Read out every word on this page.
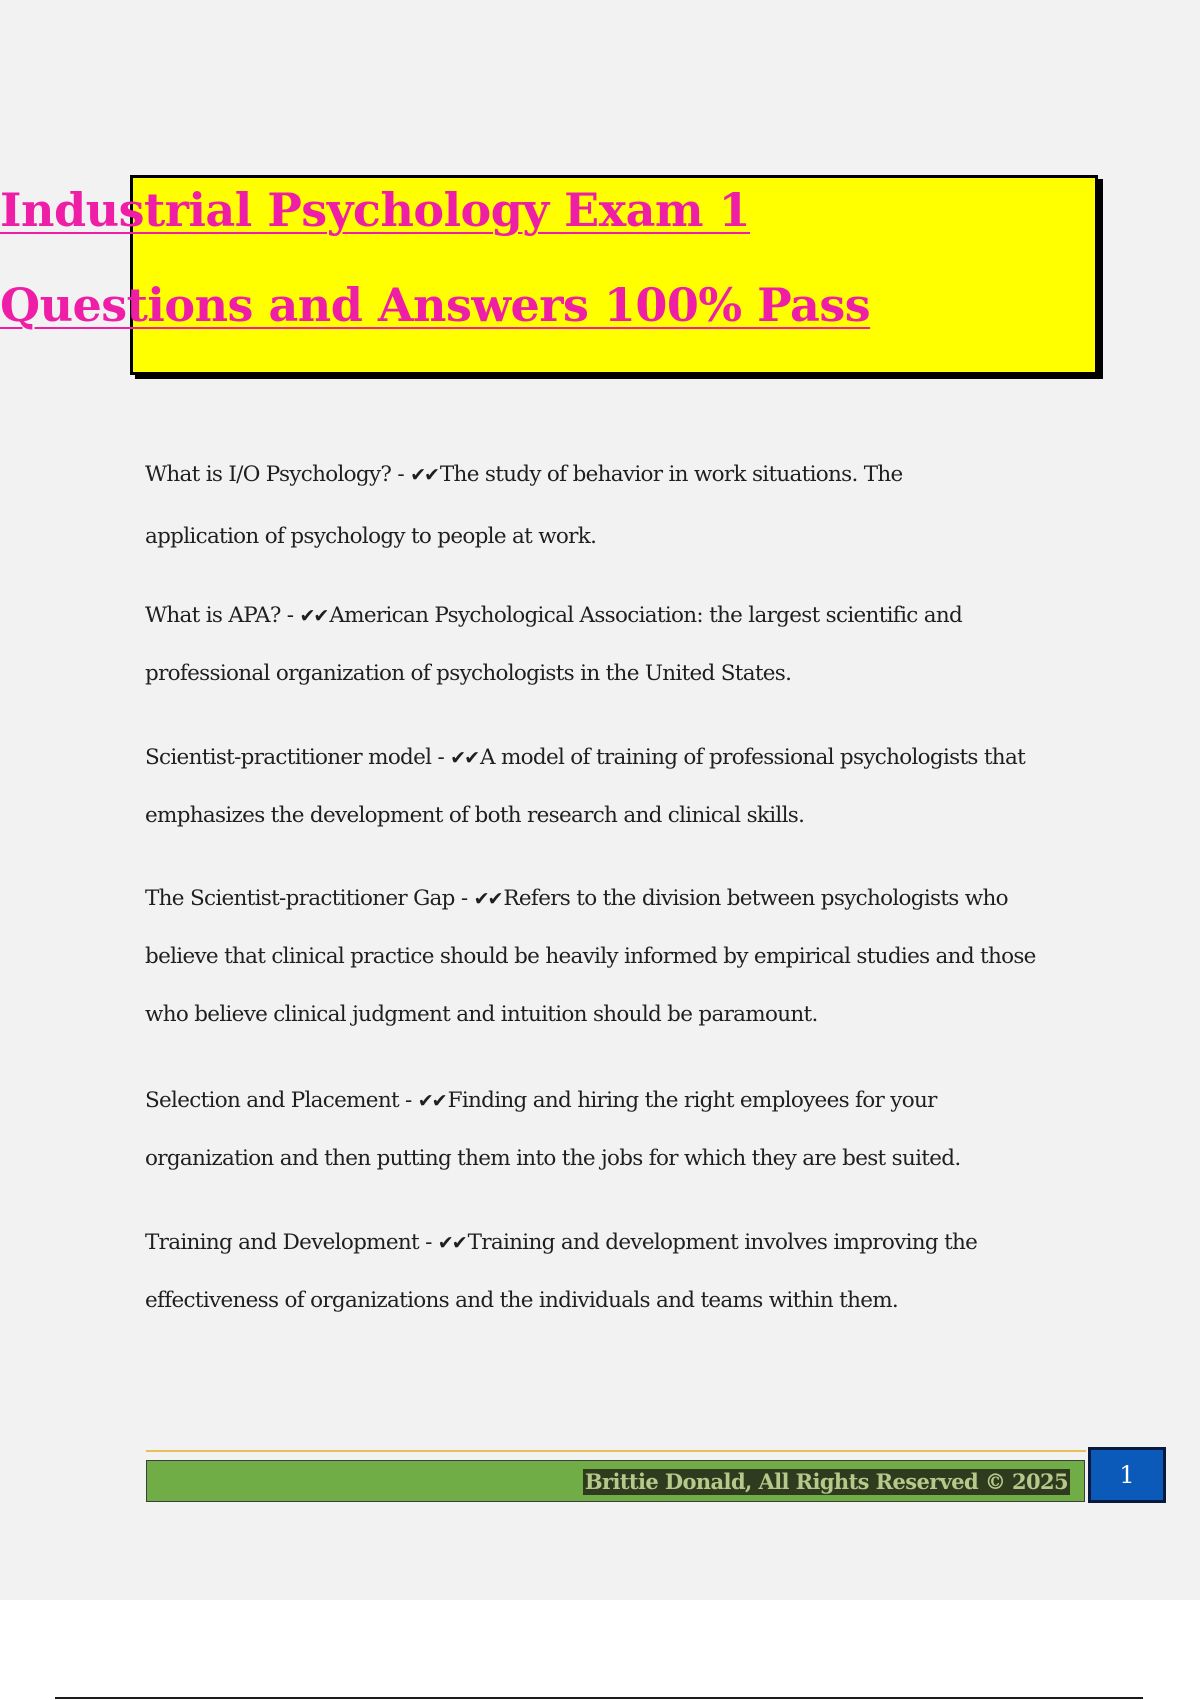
Industrial Psychology Exam 1
Questions and Answers 100% Pass
What is I/O Psychology? - ✔✔The study of behavior in work situations. The
application of psychology to people at work.
What is APA? - ✔✔American Psychological Association: the largest scientific and
professional organization of psychologists in the United States.
Scientist-practitioner model - ✔✔A model of training of professional psychologists that
emphasizes the development of both research and clinical skills.
The Scientist-practitioner Gap - ✔✔Refers to the division between psychologists who
believe that clinical practice should be heavily informed by empirical studies and those
who believe clinical judgment and intuition should be paramount.
Selection and Placement - ✔✔Finding and hiring the right employees for your
organization and then putting them into the jobs for which they are best suited.
Training and Development - ✔✔Training and development involves improving the
effectiveness of organizations and the individuals and teams within them.
Brittie Donald, All Rights Reserved © 2025	1
